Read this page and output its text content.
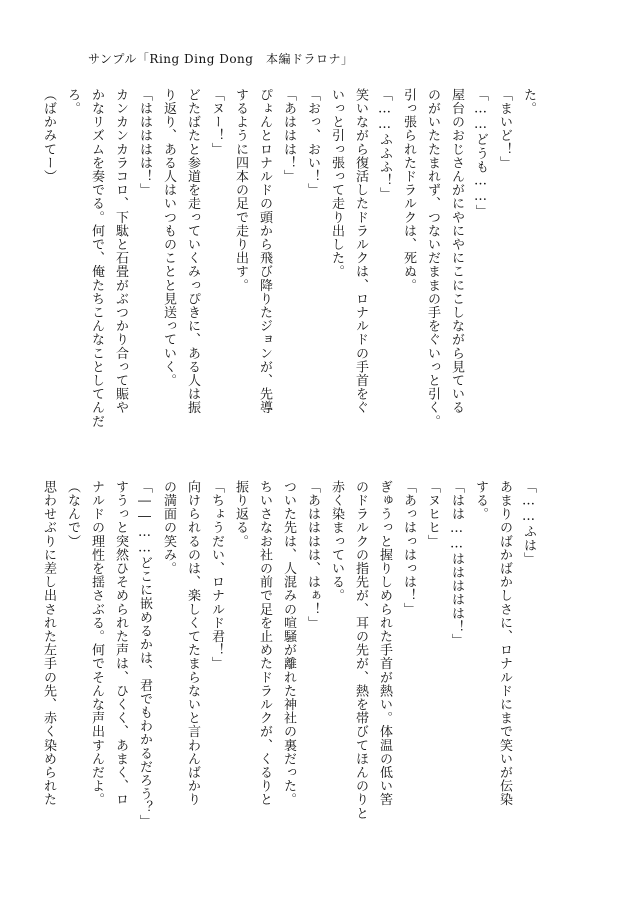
サンプル「Ring Ding Dong　本編ドラロナ」
た。
「まいど！」
「……どうも……」
屋台のおじさんがにやにやにこにこしながら見ている
のがいたたまれず、つないだままの手をぐいっと引く。
引っ張られたドラルクは、死ぬ。
「……ふふふ！」
笑いながら復活したドラルクは、ロナルドの手首をぐ
いっと引っ張って走り出した。
「おっ、おい！」
「あははは！」
ぴょんとロナルドの頭から飛び降りたジョンが、先導
するように四本の足で走り出す。
「ヌー！」
どたばたと参道を走っていくみっぴきに、ある人は振
り返り、ある人はいつものことと見送っていく。
「ははははは！」
カンカンカラコロ、下駄と石畳がぶつかり合って賑や
かなリズムを奏でる。何で、俺たちこんなことしてんだ
ろ。
（ばかみてー）
「……ふは」
あまりのばかばかしさに、ロナルドにまで笑いが伝染
する。
「はは……ははははは！」
「ヌヒヒ」
「あっはっはっは！」
ぎゅうっと握りしめられた手首が熱い。体温の低い筈
のドラルクの指先が、耳の先が、熱を帯びてほんのりと
赤く染まっている。
「あはははは、はぁ！」
ついた先は、人混みの喧騒が離れた神社の裏だった。
ちいさなお社の前で足を止めたドラルクが、くるりと
振り返る。
「ちょうだい、ロナルド君！」
向けられるのは、楽しくてたまらないと言わんばかり
の満面の笑み。
「――……どこに嵌めるかは、君でもわかるだろう？」
すうっと突然ひそめられた声は、ひくく、あまく、ロ
ナルドの理性を揺さぶる。何でそんな声出すんだよ。
（なんで）
思わせぶりに差し出された左手の先、赤く染められた
